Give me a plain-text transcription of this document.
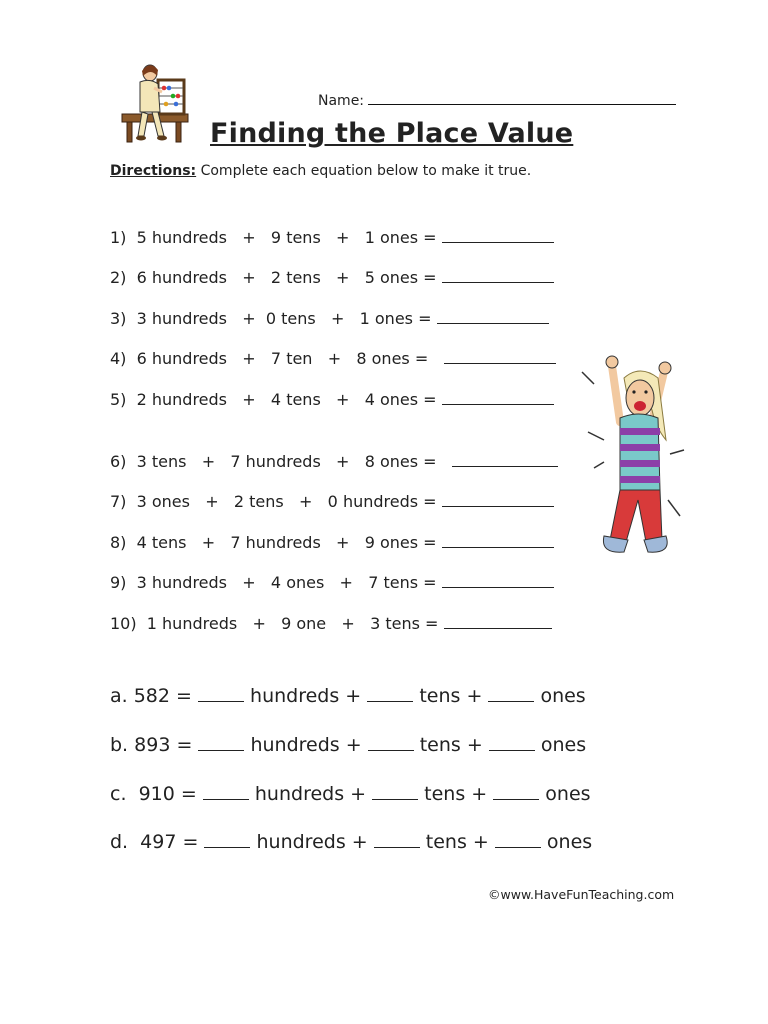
Name:
Finding the Place Value
Directions: Complete each equation below to make it true.
1)  5 hundreds   +   9 tens   +   1 ones =
2)  6 hundreds   +   2 tens   +   5 ones =
3)  3 hundreds   +  0 tens   +   1 ones =
4)  6 hundreds   +   7 ten   +   8 ones =
5)  2 hundreds   +   4 tens   +   4 ones =
6)  3 tens   +   7 hundreds   +   8 ones =
7)  3 ones   +   2 tens   +   0 hundreds =
8)  4 tens   +   7 hundreds   +   9 ones =
9)  3 hundreds   +   4 ones   +   7 tens =
10)  1 hundreds   +   9 one   +   3 tens =
a. 582 =  hundreds +  tens +  ones
b. 893 =  hundreds +  tens +  ones
c.  910 =  hundreds +  tens +  ones
d.  497 =  hundreds +  tens +  ones
©www.HaveFunTeaching.com
